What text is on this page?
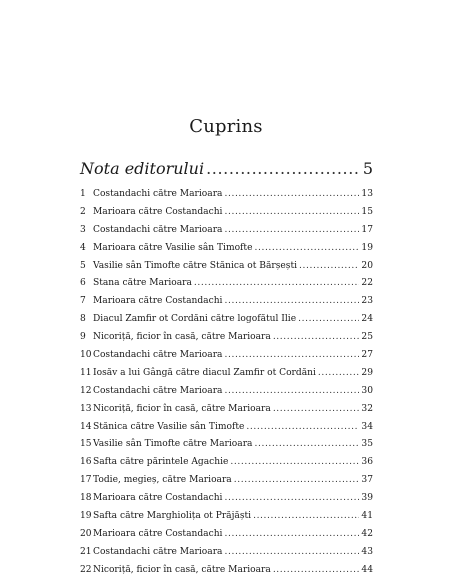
Cuprins
Nota editorului .....	5
1 Costandachi către Marioara .....	13
2 Marioara către Costandachi .....	15
3 Costandachi către Marioara .....	17
4 Marioara către Vasilie sân Timofte .....	19
5 Vasilie sân Timofte către Stănica ot Bărșești .....	20
6 Stana către Marioara .....	22
7 Marioara către Costandachi .....	23
8 Diacul Zamfir ot Cordăni către logofătul Ilie .....	24
9 Nicoriță, ficior în casă, către Marioara .....	25
10 Costandachi către Marioara .....	27
11 Iosăv a lui Gângă către diacul Zamfir ot Cordăni .....	29
12 Costandachi către Marioara .....	30
13 Nicoriță, ficior în casă, către Marioara .....	32
14 Stănica către Vasilie sân Timofte .....	34
15 Vasilie sân Timofte către Marioara .....	35
16 Safta către părintele Agachie .....	36
17 Todie, megieș, către Marioara .....	37
18 Marioara către Costandachi .....	39
19 Safta către Marghiolița ot Prăjăști .....	41
20 Marioara către Costandachi .....	42
21 Costandachi către Marioara .....	43
22 Nicoriță, ficior în casă, către Marioara .....	44
